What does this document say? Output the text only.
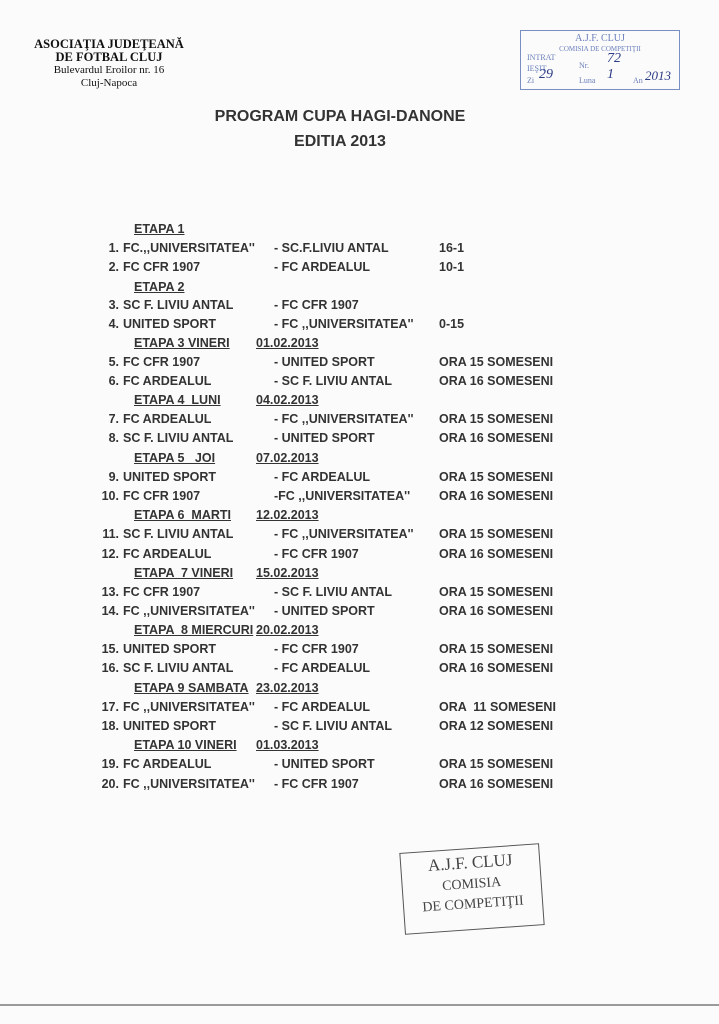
ASOCIAŢIA JUDEŢEANĂ
DE FOTBAL CLUJ
Bulevardul Eroilor nr. 16
Cluj-Napoca
A.J.F. CLUJ
COMISIA DE COMPETIŢII
INTRAT
IEŞIT	Nr. 72
Zi 29	Luna 1 An 2013
PROGRAM CUPA HAGI-DANONE
EDITIA 2013
ETAPA 1
1. FC.,,UNIVERSITATEA'' - SC.F.LIVIU ANTAL	16-1
2. FC CFR 1907	- FC ARDEALUL	10-1
ETAPA 2
3. SC F. LIVIU ANTAL	- FC CFR 1907
4. UNITED SPORT	- FC ,,UNIVERSITATEA'' 0-15
ETAPA 3 VINERI 01.02.2013
5. FC CFR 1907	- UNITED SPORT	ORA 15 SOMESENI
6. FC ARDEALUL	- SC F. LIVIU ANTAL	ORA 16 SOMESENI
ETAPA 4  LUNI	04.02.2013
7. FC ARDEALUL	- FC ,,UNIVERSITATEA'' ORA 15 SOMESENI
8. SC F. LIVIU ANTAL	- UNITED SPORT	ORA 16 SOMESENI
ETAPA 5   JOI	07.02.2013
9. UNITED SPORT	- FC ARDEALUL	ORA 15 SOMESENI
10. FC CFR 1907	-FC ,,UNIVERSITATEA'' ORA 16 SOMESENI
ETAPA 6  MARTI 12.02.2013
11. SC F. LIVIU ANTAL	- FC ,,UNIVERSITATEA'' ORA 15 SOMESENI
12. FC ARDEALUL	- FC CFR 1907	ORA 16 SOMESENI
ETAPA  7 VINERI 15.02.2013
13. FC CFR 1907	- SC F. LIVIU ANTAL	ORA 15 SOMESENI
14. FC ,,UNIVERSITATEA'' - UNITED SPORT	ORA 16 SOMESENI
ETAPA  8 MIERCURI 20.02.2013
15. UNITED SPORT	- FC CFR 1907	ORA 15 SOMESENI
16. SC F. LIVIU ANTAL	- FC ARDEALUL	ORA 16 SOMESENI
ETAPA 9 SAMBATA 23.02.2013
17. FC ,,UNIVERSITATEA'' - FC ARDEALUL	ORA  11 SOMESENI
18. UNITED SPORT	- SC F. LIVIU ANTAL	ORA 12 SOMESENI
ETAPA 10 VINERI 01.03.2013
19. FC ARDEALUL	- UNITED SPORT	ORA 15 SOMESENI
20. FC ,,UNIVERSITATEA'' - FC CFR 1907	ORA 16 SOMESENI
A.J.F. CLUJ
COMISIA
DE COMPETIŢII
